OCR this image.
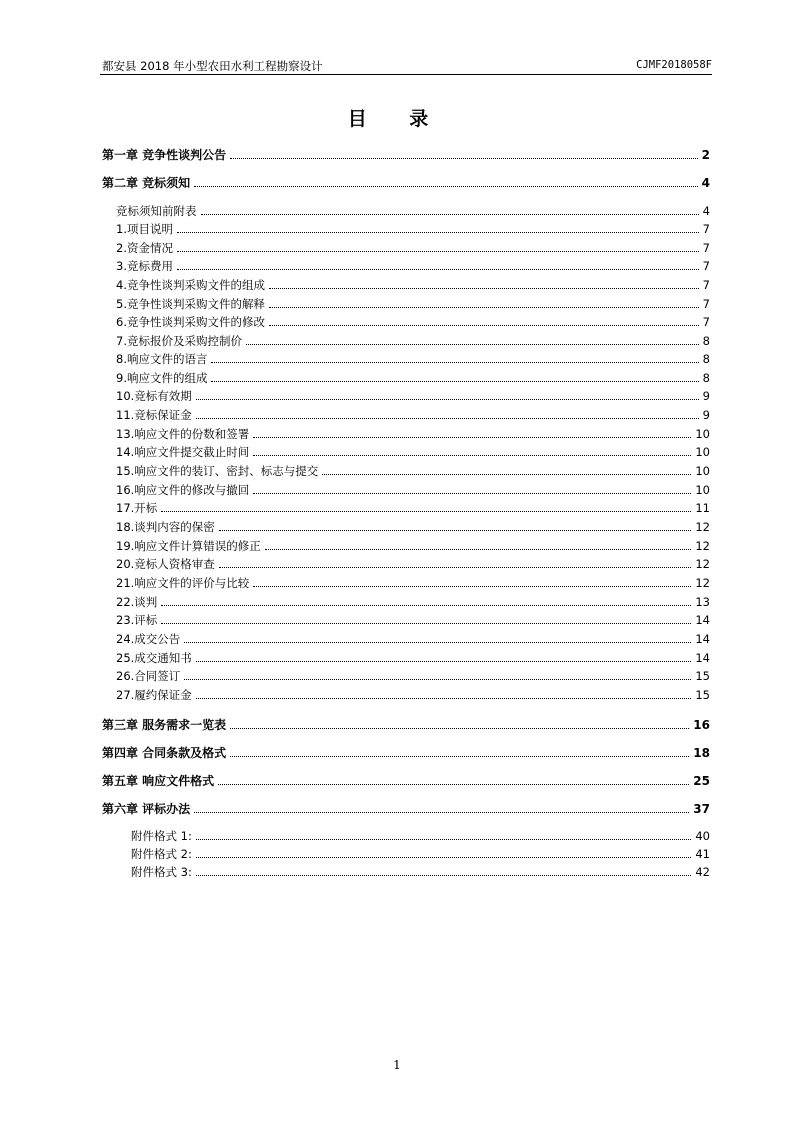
都安县 2018 年小型农田水利工程勘察设计	CJMF2018058F
目 录
第一章 竞争性谈判公告	2
第二章 竞标须知	4
竞标须知前附表	4
1.项目说明	7
2.资金情况	7
3.竞标费用	7
4.竞争性谈判采购文件的组成	7
5.竞争性谈判采购文件的解释	7
6.竞争性谈判采购文件的修改	7
7.竞标报价及采购控制价	8
8.响应文件的语言	8
9.响应文件的组成	8
10.竞标有效期	9
11.竞标保证金	9
13.响应文件的份数和签署	10
14.响应文件提交截止时间	10
15.响应文件的装订、密封、标志与提交	10
16.响应文件的修改与撤回	10
17.开标	11
18.谈判内容的保密	12
19.响应文件计算错误的修正	12
20.竞标人资格审查	12
21.响应文件的评价与比较	12
22.谈判	13
23.评标	14
24.成交公告	14
25.成交通知书	14
26.合同签订	15
27.履约保证金	15
第三章 服务需求一览表	16
第四章 合同条款及格式	18
第五章 响应文件格式	25
第六章 评标办法	37
附件格式 1:	40
附件格式 2:	41
附件格式 3:	42
1
